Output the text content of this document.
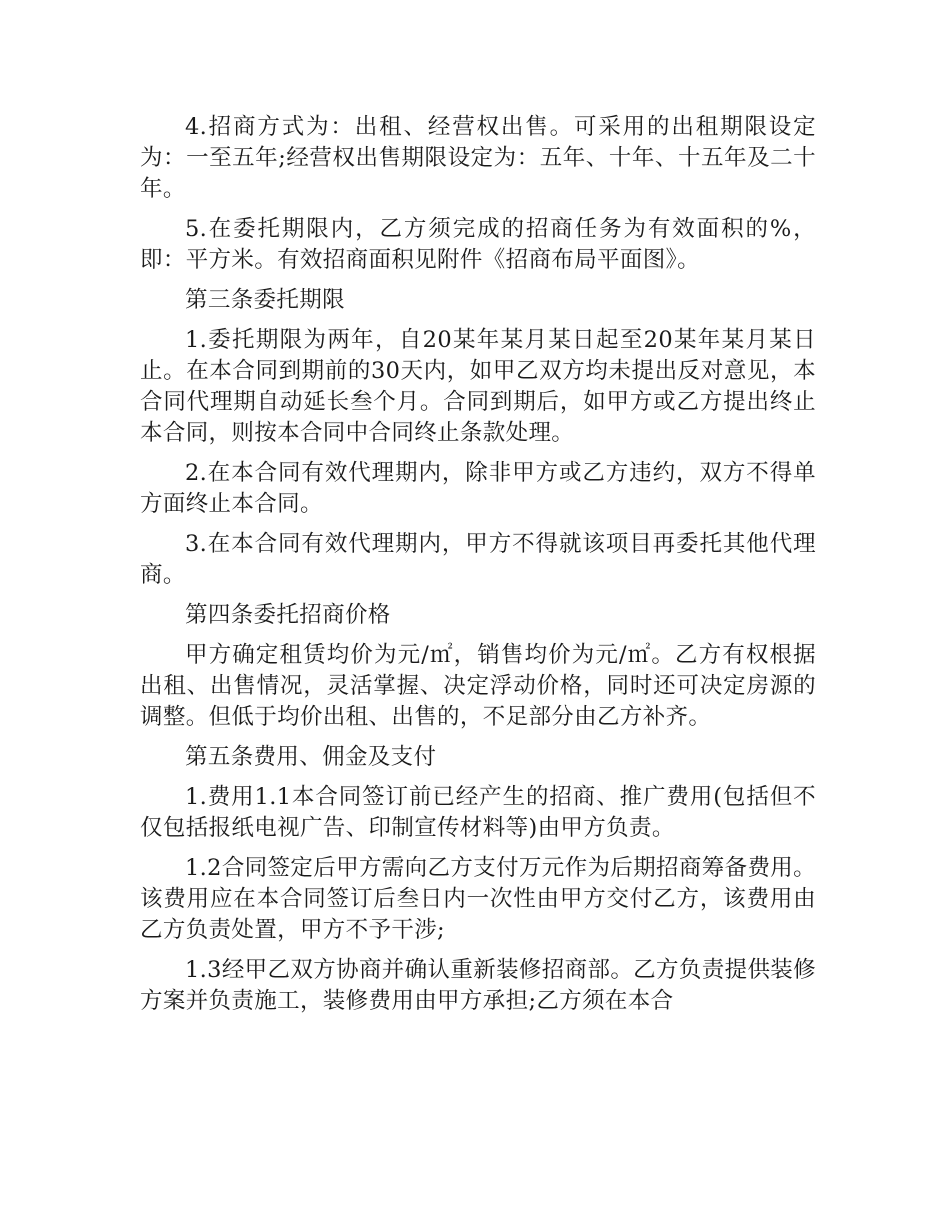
4.招商方式为：出租、经营权出售。可采用的出租期限设定为：一至五年;经营权出售期限设定为：五年、十年、十五年及二十年。

5.在委托期限内，乙方须完成的招商任务为有效面积的%，即：平方米。有效招商面积见附件《招商布局平面图》。

第三条委托期限

1.委托期限为两年，自20某年某月某日起至20某年某月某日止。在本合同到期前的30天内，如甲乙双方均未提出反对意见，本合同代理期自动延长叁个月。合同到期后，如甲方或乙方提出终止本合同，则按本合同中合同终止条款处理。

2.在本合同有效代理期内，除非甲方或乙方违约，双方不得单方面终止本合同。

3.在本合同有效代理期内，甲方不得就该项目再委托其他代理商。

第四条委托招商价格

甲方确定租赁均价为元/㎡，销售均价为元/㎡。乙方有权根据出租、出售情况，灵活掌握、决定浮动价格，同时还可决定房源的调整。但低于均价出租、出售的，不足部分由乙方补齐。

第五条费用、佣金及支付

1.费用1.1本合同签订前已经产生的招商、推广费用(包括但不仅包括报纸电视广告、印制宣传材料等)由甲方负责。

1.2合同签定后甲方需向乙方支付万元作为后期招商筹备费用。该费用应在本合同签订后叁日内一次性由甲方交付乙方，该费用由乙方负责处置，甲方不予干涉;

1.3经甲乙双方协商并确认重新装修招商部。乙方负责提供装修方案并负责施工，装修费用由甲方承担;乙方须在本合
